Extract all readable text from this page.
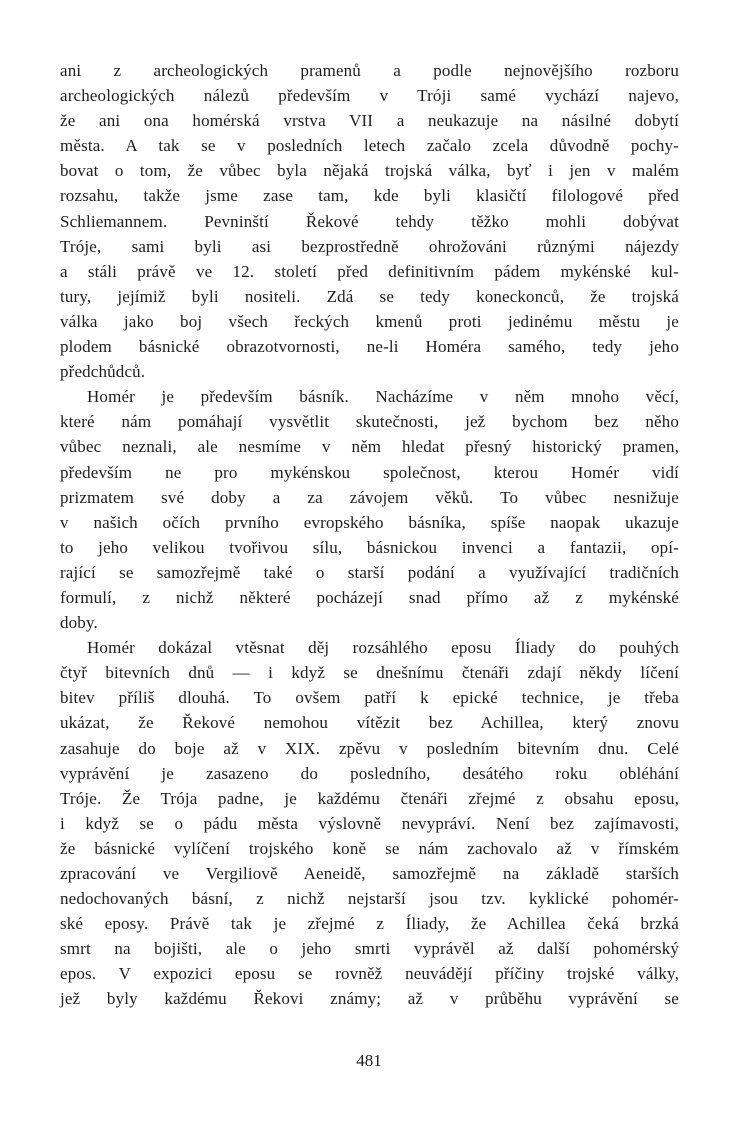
ani z archeologických pramenů a podle nejnovějšího rozboru
archeologických nálezů především v Tróji samé vychází najevo,
že ani ona homérská vrstva VII a neukazuje na násilné dobytí
města. A tak se v posledních letech začalo zcela důvodně pochy-
bovat o tom, že vůbec byla nějaká trojská válka, byť i jen v malém
rozsahu, takže jsme zase tam, kde byli klasičtí filologové před
Schliemannem. Pevninští Řekové tehdy těžko mohli dobývat
Tróje, sami byli asi bezprostředně ohrožováni různými nájezdy
a stáli právě ve 12. století před definitivním pádem mykénské kul-
tury, jejímiž byli nositeli. Zdá se tedy koneckonců, že trojská
válka jako boj všech řeckých kmenů proti jedinému městu je
plodem básnické obrazotvornosti, ne-li Homéra samého, tedy jeho
předchůdců.
Homér je především básník. Nacházíme v něm mnoho věcí,
které nám pomáhají vysvětlit skutečnosti, jež bychom bez něho
vůbec neznali, ale nesmíme v něm hledat přesný historický pramen,
především ne pro mykénskou společnost, kterou Homér vidí
prizmatem své doby a za závojem věků. To vůbec nesnižuje
v našich očích prvního evropského básníka, spíše naopak ukazuje
to jeho velikou tvořivou sílu, básnickou invenci a fantazii, opí-
rající se samozřejmě také o starší podání a využívající tradičních
formulí, z nichž některé pocházejí snad přímo až z mykénské
doby.
Homér dokázal vtěsnat děj rozsáhlého eposu Íliady do pouhých
čtyř bitevních dnů — i když se dnešnímu čtenáři zdají někdy líčení
bitev příliš dlouhá. To ovšem patří k epické technice, je třeba
ukázat, že Řekové nemohou vítězit bez Achillea, který znovu
zasahuje do boje až v XIX. zpěvu v posledním bitevním dnu. Celé
vyprávění je zasazeno do posledního, desátého roku obléhání
Tróje. Že Trója padne, je každému čtenáři zřejmé z obsahu eposu,
i když se o pádu města výslovně nevypráví. Není bez zajímavosti,
že básnické vylíčení trojského koně se nám zachovalo až v římském
zpracování ve Vergiliově Aeneidě, samozřejmě na základě starších
nedochovaných básní, z nichž nejstarší jsou tzv. kyklické pohomér-
ské eposy. Právě tak je zřejmé z Íliady, že Achillea čeká brzká
smrt na bojišti, ale o jeho smrti vyprávěl až další pohomérský
epos. V expozici eposu se rovněž neuvádějí příčiny trojské války,
jež byly každému Řekovi známy; až v průběhu vyprávění se
481
